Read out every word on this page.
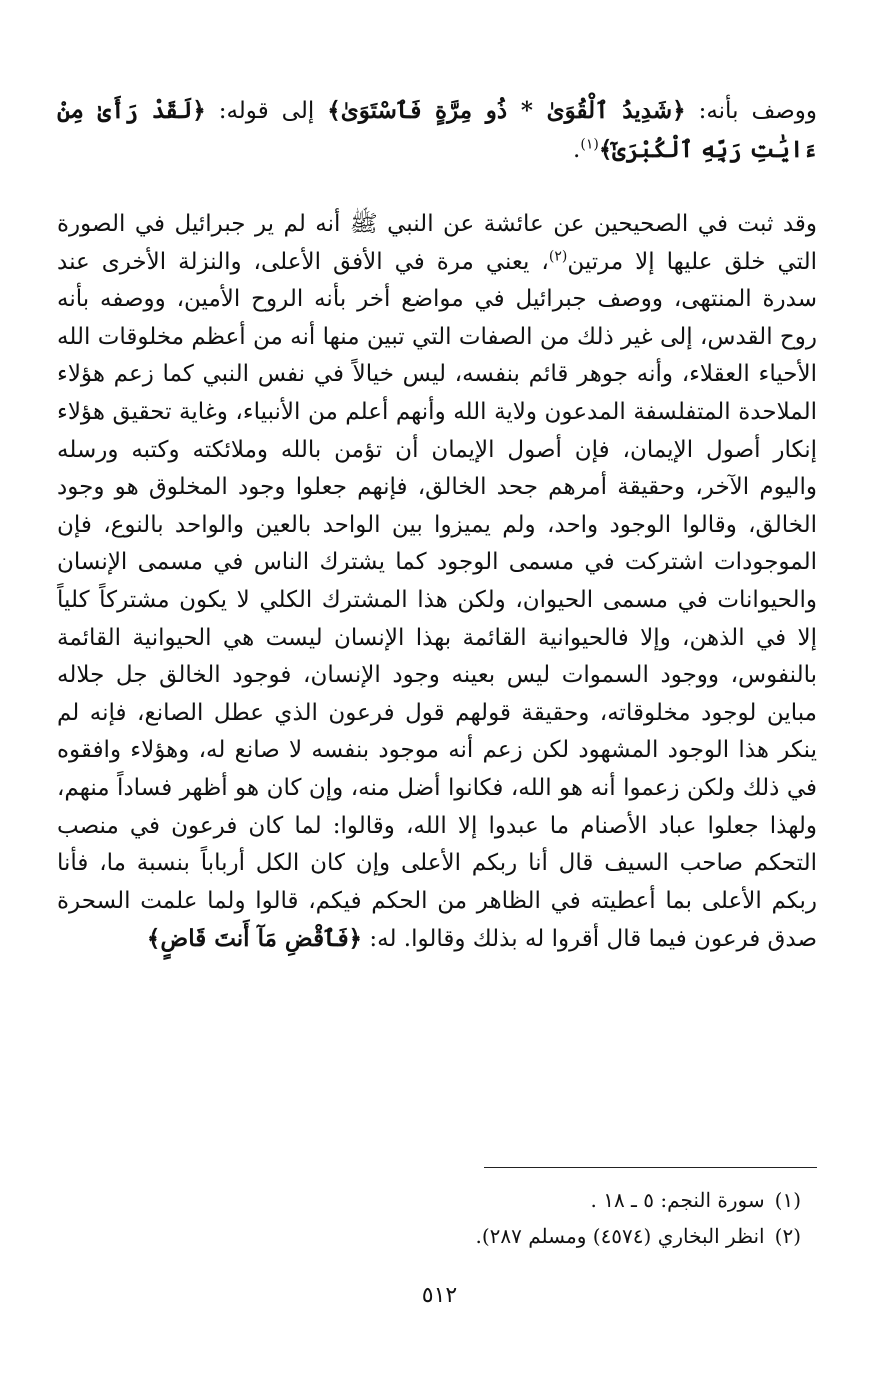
ووصف بأنه: ﴿شَدِيدُ ٱلْقُوَىٰ * ذُو مِرَّةٍ فَٱسْتَوَىٰ﴾ إلى قوله: ﴿لَقَدْ رَأَىٰ مِنْ ءَايَٰتِ رَبِّهِ ٱلْكُبْرَىٰٓ﴾$^{(١)}$.

وقد ثبت في الصحيحين عن عائشة عن النبي ﷺ أنه لم ير جبرائيل في الصورة التي خلق عليها إلا مرتين$^{(٢)}$، يعني مرة في الأفق الأعلى، والنزلة الأخرى عند سدرة المنتهى، ووصف جبرائيل في مواضع أخر بأنه الروح الأمين، ووصفه بأنه روح القدس، إلى غير ذلك من الصفات التي تبين منها أنه من أعظم مخلوقات الله الأحياء العقلاء، وأنه جوهر قائم بنفسه، ليس خيالاً في نفس النبي كما زعم هؤلاء الملاحدة المتفلسفة المدعون ولاية الله وأنهم أعلم من الأنبياء، وغاية تحقيق هؤلاء إنكار أصول الإيمان، فإن أصول الإيمان أن تؤمن بالله وملائكته وكتبه ورسله واليوم الآخر، وحقيقة أمرهم جحد الخالق، فإنهم جعلوا وجود المخلوق هو وجود الخالق، وقالوا الوجود واحد، ولم يميزوا بين الواحد بالعين والواحد بالنوع، فإن الموجودات اشتركت في مسمى الوجود كما يشترك الناس في مسمى الإنسان والحيوانات في مسمى الحيوان، ولكن هذا المشترك الكلي لا يكون مشتركاً كلياً إلا في الذهن، وإلا فالحيوانية القائمة بهذا الإنسان ليست هي الحيوانية القائمة بالنفوس، ووجود السموات ليس بعينه وجود الإنسان، فوجود الخالق جل جلاله مباين لوجود مخلوقاته، وحقيقة قولهم قول فرعون الذي عطل الصانع، فإنه لم ينكر هذا الوجود المشهود لكن زعم أنه موجود بنفسه لا صانع له، وهؤلاء وافقوه في ذلك ولكن زعموا أنه هو الله، فكانوا أضل منه، وإن كان هو أظهر فساداً منهم، ولهذا جعلوا عباد الأصنام ما عبدوا إلا الله، وقالوا: لما كان فرعون في منصب التحكم صاحب السيف قال أنا ربكم الأعلى وإن كان الكل أرباباً بنسبة ما، فأنا ربكم الأعلى بما أعطيته في الظاهر من الحكم فيكم، قالوا ولما علمت السحرة صدق فرعون فيما قال أقروا له بذلك وقالوا. له: ﴿فَٱقْضِ مَآ أَنتَ قَاضٍ﴾

(١)سورة النجم: ٥ ـ ١٨ .

(٢)انظر البخاري (٤٥٧٤) ومسلم ٢٨٧).

٥١٢
